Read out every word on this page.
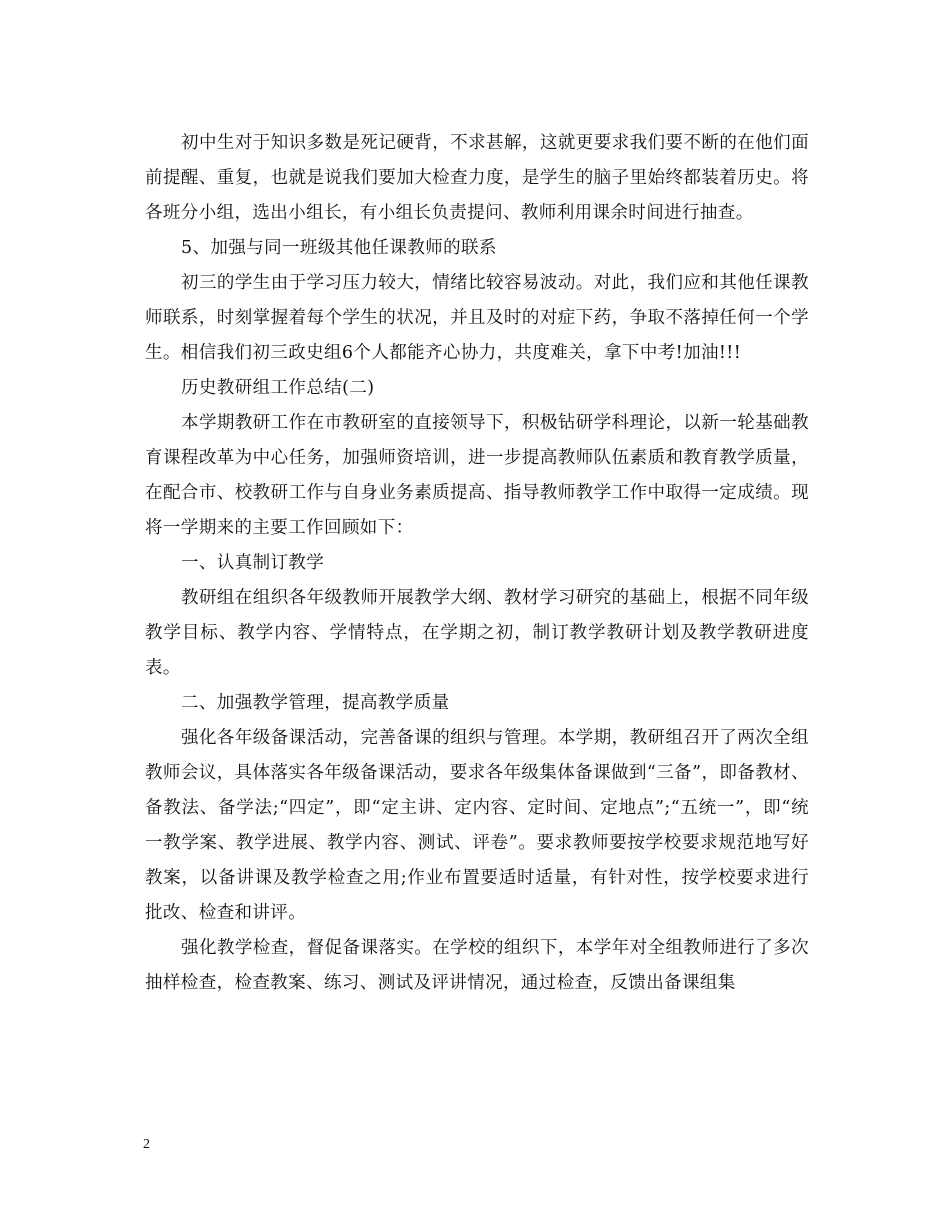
初中生对于知识多数是死记硬背，不求甚解，这就更要求我们要不断的在他们面前提醒、重复，也就是说我们要加大检查力度，是学生的脑子里始终都装着历史。将各班分小组，选出小组长，有小组长负责提问、教师利用课余时间进行抽查。

5、加强与同一班级其他任课教师的联系

初三的学生由于学习压力较大，情绪比较容易波动。对此，我们应和其他任课教师联系，时刻掌握着每个学生的状况，并且及时的对症下药，争取不落掉任何一个学生。相信我们初三政史组6个人都能齐心协力，共度难关，拿下中考!加油!!!

历史教研组工作总结(二)

本学期教研工作在市教研室的直接领导下，积极钻研学科理论，以新一轮基础教育课程改革为中心任务，加强师资培训，进一步提高教师队伍素质和教育教学质量，在配合市、校教研工作与自身业务素质提高、指导教师教学工作中取得一定成绩。现将一学期来的主要工作回顾如下：

一、认真制订教学

教研组在组织各年级教师开展教学大纲、教材学习研究的基础上，根据不同年级教学目标、教学内容、学情特点，在学期之初，制订教学教研计划及教学教研进度表。

二、加强教学管理，提高教学质量

强化各年级备课活动，完善备课的组织与管理。本学期，教研组召开了两次全组教师会议，具体落实各年级备课活动，要求各年级集体备课做到“三备”，即备教材、备教法、备学法;“四定”，即“定主讲、定内容、定时间、定地点”;“五统一”，即“统一教学案、教学进展、教学内容、测试、评卷”。要求教师要按学校要求规范地写好教案，以备讲课及教学检查之用;作业布置要适时适量，有针对性，按学校要求进行批改、检查和讲评。

强化教学检查，督促备课落实。在学校的组织下，本学年对全组教师进行了多次抽样检查，检查教案、练习、测试及评讲情况，通过检查，反馈出备课组集

2
